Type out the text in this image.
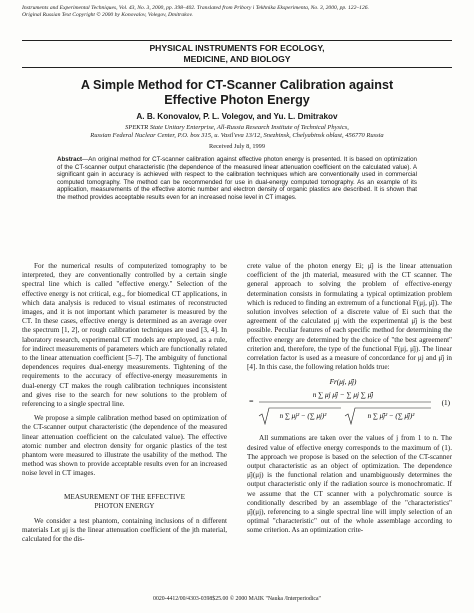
Instruments and Experimental Techniques, Vol. 43, No. 3, 2000, pp. 398–402. Translated from Pribory i Tekhnika Eksperimenta, No. 3, 2000, pp. 122–126.
Original Russian Text Copyright © 2000 by Konovalov, Volegov, Dmitrakov.
PHYSICAL INSTRUMENTS FOR ECOLOGY,
MEDICINE, AND BIOLOGY
A Simple Method for CT-Scanner Calibration against
Effective Photon Energy
A. B. Konovalov, P. L. Volegov, and Yu. L. Dmitrakov
SPEKTR State Unitary Enterprise, All-Russia Research Institute of Technical Physics,
Russian Federal Nuclear Center, P.O. box 315, u. Vasil'eva 13/12, Snezhinsk, Chelyabinsk oblast, 456770 Russia
Received July 8, 1999
Abstract—An original method for CT-scanner calibration against effective photon energy is presented. It is based on optimization of the CT-scanner output characteristic (the dependence of the measured linear attenuation coefficient on the calculated value). A significant gain in accuracy is achieved with respect to the calibration techniques which are conventionally used in commercial computed tomography. The method can be recommended for use in dual-energy computed tomography. As an example of its application, measurements of the effective atomic number and electron density of organic plastics are described. It is shown that the method provides acceptable results even for an increased noise level in CT images.

For the numerical results of computerized tomography to be interpreted, they are conventionally controlled by a certain single spectral line which is called "effective energy." Selection of the effective energy is not critical, e.g., for biomedical CT applications, in which data analysis is reduced to visual estimates of reconstructed images, and it is not important which parameter is measured by the CT. In these cases, effective energy is determined as an average over the spectrum [1, 2], or rough calibration techniques are used [3, 4]. In laboratory research, experimental CT models are employed, as a rule, for indirect measurements of parameters which are functionally related to the linear attenuation coefficient [5–7]. The ambiguity of functional dependences requires dual-energy measurements. Tightening of the requirements to the accuracy of effective-energy measurements in dual-energy CT makes the rough calibration techniques inconsistent and gives rise to the search for new solutions to the problem of referencing to a single spectral line.

We propose a simple calibration method based on optimization of the CT-scanner output characteristic (the dependence of the measured linear attenuation coefficient on the calculated value). The effective atomic number and electron density for organic plastics of the test phantom were measured to illustrate the usability of the method. The method was shown to provide acceptable results even for an increased noise level in CT images.

MEASUREMENT OF THE EFFECTIVE
PHOTON ENERGY

We consider a test phantom, containing inclusions of n different materials Let μj is the linear attenuation coefficient of the jth material, calculated for the dis-

crete value of the photon energy Ei; μ̄j is the linear attenuation coefficient of the jth material, measured with the CT scanner. The general approach to solving the problem of effective-energy determination consists in formulating a typical optimization problem which is reduced to finding an extremum of a functional F(μj, μ̄j). The solution involves selection of a discrete value of Ei such that the agreement of the calculated μj with the experimental μ̄j is the best possible. Peculiar features of each specific method for determining the effective energy are determined by the choice of "the best agreement" criterion and, therefore, the type of the functional F(μj, μ̄j). The linear correlation factor is used as a measure of concordance for μj and μ̄j in [4]. In this case, the following relation holds true:

Fr(μj, μ̄j)
=
n ∑ μj μ̄j − ∑ μj ∑ μ̄j
n ∑ μj² − (∑ μj)²	n ∑ μ̄j² − (∑ μ̄j)²
(1)

All summations are taken over the values of j from 1 to n. The desired value of effective energy corresponds to the maximum of (1). The approach we propose is based on the selection of the CT-scanner output characteristic as an object of optimization. The dependence μ̄j(μj) is the functional relation and unambiguously determines the output characteristic only if the radiation source is monochromatic. If we assume that the CT scanner with a polychromatic source is conditionally described by an assemblage of the "characteristics" μ̄j(μj), referencing to a single spectral line will imply selection of an optimal "characteristic" out of the whole assemblage according to some criterion. As an optimization crite-

0020-4412/00/4303-0398$25.00 © 2000 MAIK "Nauka /Interperiodica"
